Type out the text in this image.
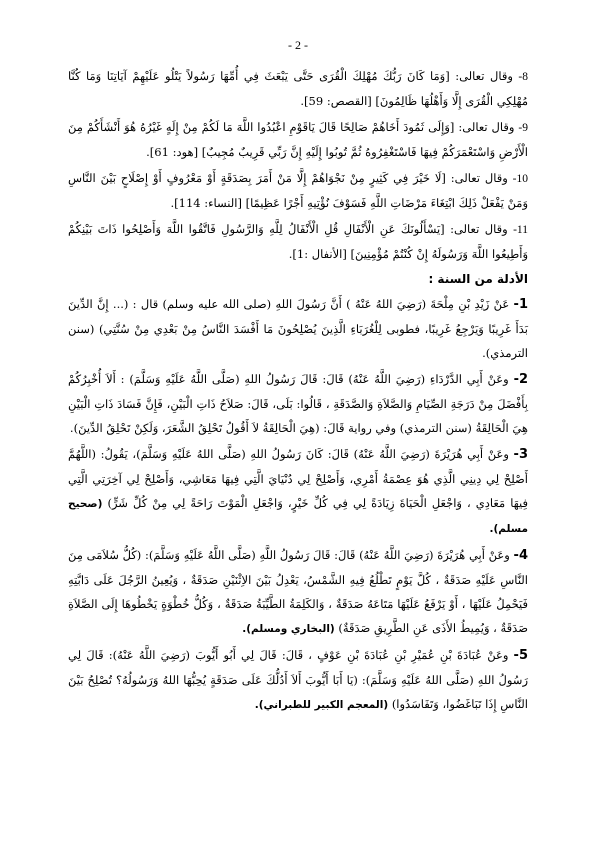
- 2 -

8- وقال تعالى: [وَمَا كَانَ رَبُّكَ مُهْلِكَ الْقُرَى حَتَّى يَبْعَثَ فِي أُمِّهَا رَسُولاً يَتْلُو عَلَيْهِمْ آيَاتِنَا وَمَا كُنَّا مُهْلِكِي الْقُرَى إِلَّا وَأَهْلُهَا ظَالِمُونَ] [القصص: 59].

9- وقال تعالى: [وَإِلَى ثَمُودَ أَخَاهُمْ صَالِحًا قَالَ يَاقَوْمِ اعْبُدُوا اللَّهَ مَا لَكُمْ مِنْ إِلَهٍ غَيْرُهُ هُوَ أَنْشَأَكُمْ مِنَ الْأَرْضِ وَاسْتَعْمَرَكُمْ فِيهَا فَاسْتَغْفِرُوهُ ثُمَّ تُوبُوا إِلَيْهِ إِنَّ رَبِّي قَرِيبٌ مُجِيبٌ] [هود: 61].

10- وقال تعالى: [لَا خَيْرَ فِي كَثِيرٍ مِنْ نَجْوَاهُمْ إِلَّا مَنْ أَمَرَ بِصَدَقَةٍ أَوْ مَعْرُوفٍ أَوْ إِصْلَاحٍ بَيْنَ النَّاسِ وَمَنْ يَفْعَلْ ذَلِكَ ابْتِغَاءَ مَرْضَاتِ اللَّهِ فَسَوْفَ نُؤْتِيهِ أَجْرًا عَظِيمًا] [النساء: 114].

11- وقال تعالى: [يَسْأَلُونَكَ عَنِ الْأَنْفَالِ قُلِ الْأَنْفَالُ لِلَّهِ وَالرَّسُولِ فَاتَّقُوا اللَّهَ وَأَصْلِحُوا ذَاتَ بَيْنِكُمْ وَأَطِيعُوا اللَّهَ وَرَسُولَهُ إِنْ كُنْتُمْ مُؤْمِنِينَ] [الأنفال :1].

الأدلة من السنة :

1- عَنْ زَيْدِ بْنِ مِلْحَةَ (رَضِيَ اللهُ عَنْهُ ) أَنَّ رَسُولَ اللهِ (صلى الله عليه وسلم) قال : (... إِنَّ الدِّينَ بَدَأَ غَرِيبًا وَيَرْجِعُ غَرِيبًا، فطوبى لِلْغُرَبَاءِ الَّذِينَ يُصْلِحُونَ مَا أَفْسَدَ النَّاسُ مِنْ بَعْدِي مِنْ سُنَّتِي) (سنن الترمذي).

2- وعَنْ أَبِي الدَّرْدَاءِ (رَضِيَ اللَّهُ عَنْهُ) قَالَ: قَالَ رَسُولُ اللهِ (صَلَّى اللَّهُ عَلَيْهِ وَسَلَّمَ) : أَلاَ أُخْبِرُكُمْ بِأَفْضَلَ مِنْ دَرَجَةِ الصِّيَامِ وَالصَّلاَةِ وَالصَّدَقَةِ ، قَالُوا: بَلَى، قَالَ: صَلاَحُ ذَاتِ الْبَيْنِ، فَإِنَّ فَسَادَ ذَاتِ الْبَيْنِ هِيَ الْحَالِقَةُ (سنن الترمذي) وفي رواية قَالَ: (هِيَ الْحَالِقَةُ لاَ أَقُولُ تَحْلِقُ الشَّعَرَ، وَلَكِنْ تَحْلِقُ الدِّينَ).

3- وعَنْ أَبِي هُرَيْرَةَ (رَضِيَ اللَّهُ عَنْهُ) قَالَ: كَانَ رَسُولُ اللهِ (صَلَّى اللهُ عَلَيْهِ وَسَلَّمَ)، يَقُولُ: (اللَّهُمَّ أَصْلِحْ لِي دِينِي الَّذِي هُوَ عِصْمَةُ أَمْرِي، وَأَصْلِحْ لِي دُنْيَايَ الَّتِي فِيهَا مَعَاشِي، وَأَصْلِحْ لِي آخِرَتِي الَّتِي فِيهَا مَعَادِي ، وَاجْعَلِ الْحَيَاةَ زِيَادَةً لِي فِي كُلِّ خَيْرٍ، وَاجْعَلِ الْمَوْتَ رَاحَةً لِي مِنْ كُلِّ شَرٍّ) (صحيح مسلم).

4- وعَنْ أَبِي هُرَيْرَةَ (رَضِيَ اللَّهُ عَنْهُ) قَالَ: قَالَ رَسُولُ اللَّهِ (صَلَّى اللَّهُ عَلَيْهِ وَسَلَّمَ): (كُلُّ سُلاَمَى مِنَ النَّاسِ عَلَيْهِ صَدَقَةٌ ، كُلَّ يَوْمٍ تَطْلُعُ فِيهِ الشَّمْسُ، يَعْدِلُ بَيْنَ الاِثْنَيْنِ صَدَقَةٌ ، وَيُعِينُ الرَّجُلَ عَلَى دَابَّتِهِ فَيَحْمِلُ عَلَيْهَا ، أَوْ يَرْفَعُ عَلَيْهَا مَتَاعَهُ صَدَقَةٌ ، وَالكَلِمَةُ الطَّيِّبَةُ صَدَقَةٌ ، وَكُلُّ خُطْوَةٍ يَخْطُوهَا إِلَى الصَّلاَةِ صَدَقَةٌ ، وَيُمِيطُ الأَذَى عَنِ الطَّرِيقِ صَدَقَةٌ) (البخاري ومسلم).

5- وعَنْ عُبَادَةَ بْنِ عُمَيْرِ بْنِ عُبَادَةَ بْنِ عَوْفٍ ، قَالَ: قَالَ لِي أَبُو أَيُّوبَ (رَضِيَ اللَّهُ عَنْهُ): قَالَ لِي رَسُولُ اللهِ (صَلَّى اللهُ عَلَيْهِ وَسَلَّمَ): (يَا أَبَا أَيُّوبَ أَلاَ أَدُلُّكَ عَلَى صَدَقَةٍ يُحِبُّهَا اللهُ وَرَسُولُهُ؟ تُصْلِحُ بَيْنَ النَّاسِ إِذَا تَبَاغَضُوا، وَتَفَاسَدُوا) (المعجم الكبير للطبراني).
